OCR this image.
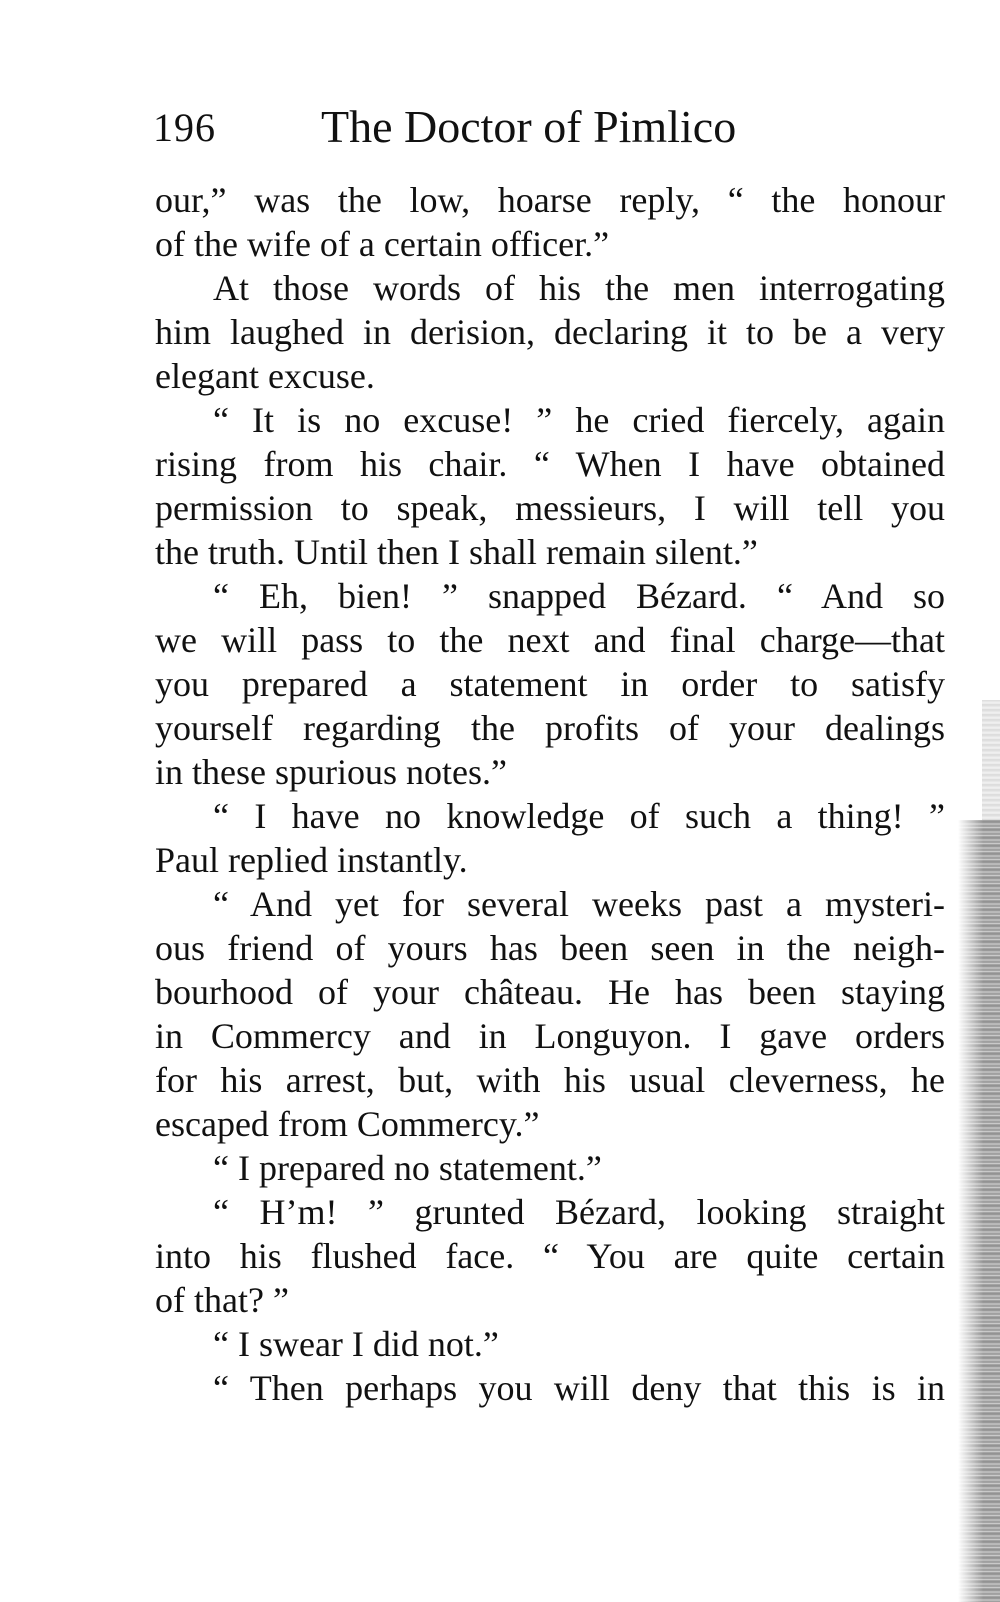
196 The Doctor of Pimlico
our,” was the low, hoarse reply, “ the honour
of the wife of a certain officer.”
At those words of his the men interrogating
him laughed in derision, declaring it to be a very
elegant excuse.
“ It is no excuse! ” he cried fiercely, again
rising from his chair. “ When I have obtained
permission to speak, messieurs, I will tell you
the truth. Until then I shall remain silent.”
“ Eh, bien! ” snapped Bézard. “ And so
we will pass to the next and final charge—that
you prepared a statement in order to satisfy
yourself regarding the profits of your dealings
in these spurious notes.”
“ I have no knowledge of such a thing! ”
Paul replied instantly.
“ And yet for several weeks past a mysteri-
ous friend of yours has been seen in the neigh-
bourhood of your château. He has been staying
in Commercy and in Longuyon. I gave orders
for his arrest, but, with his usual cleverness, he
escaped from Commercy.”
“ I prepared no statement.”
“ H’m! ” grunted Bézard, looking straight
into his flushed face. “ You are quite certain
of that? ”
“ I swear I did not.”
“ Then perhaps you will deny that this is in
